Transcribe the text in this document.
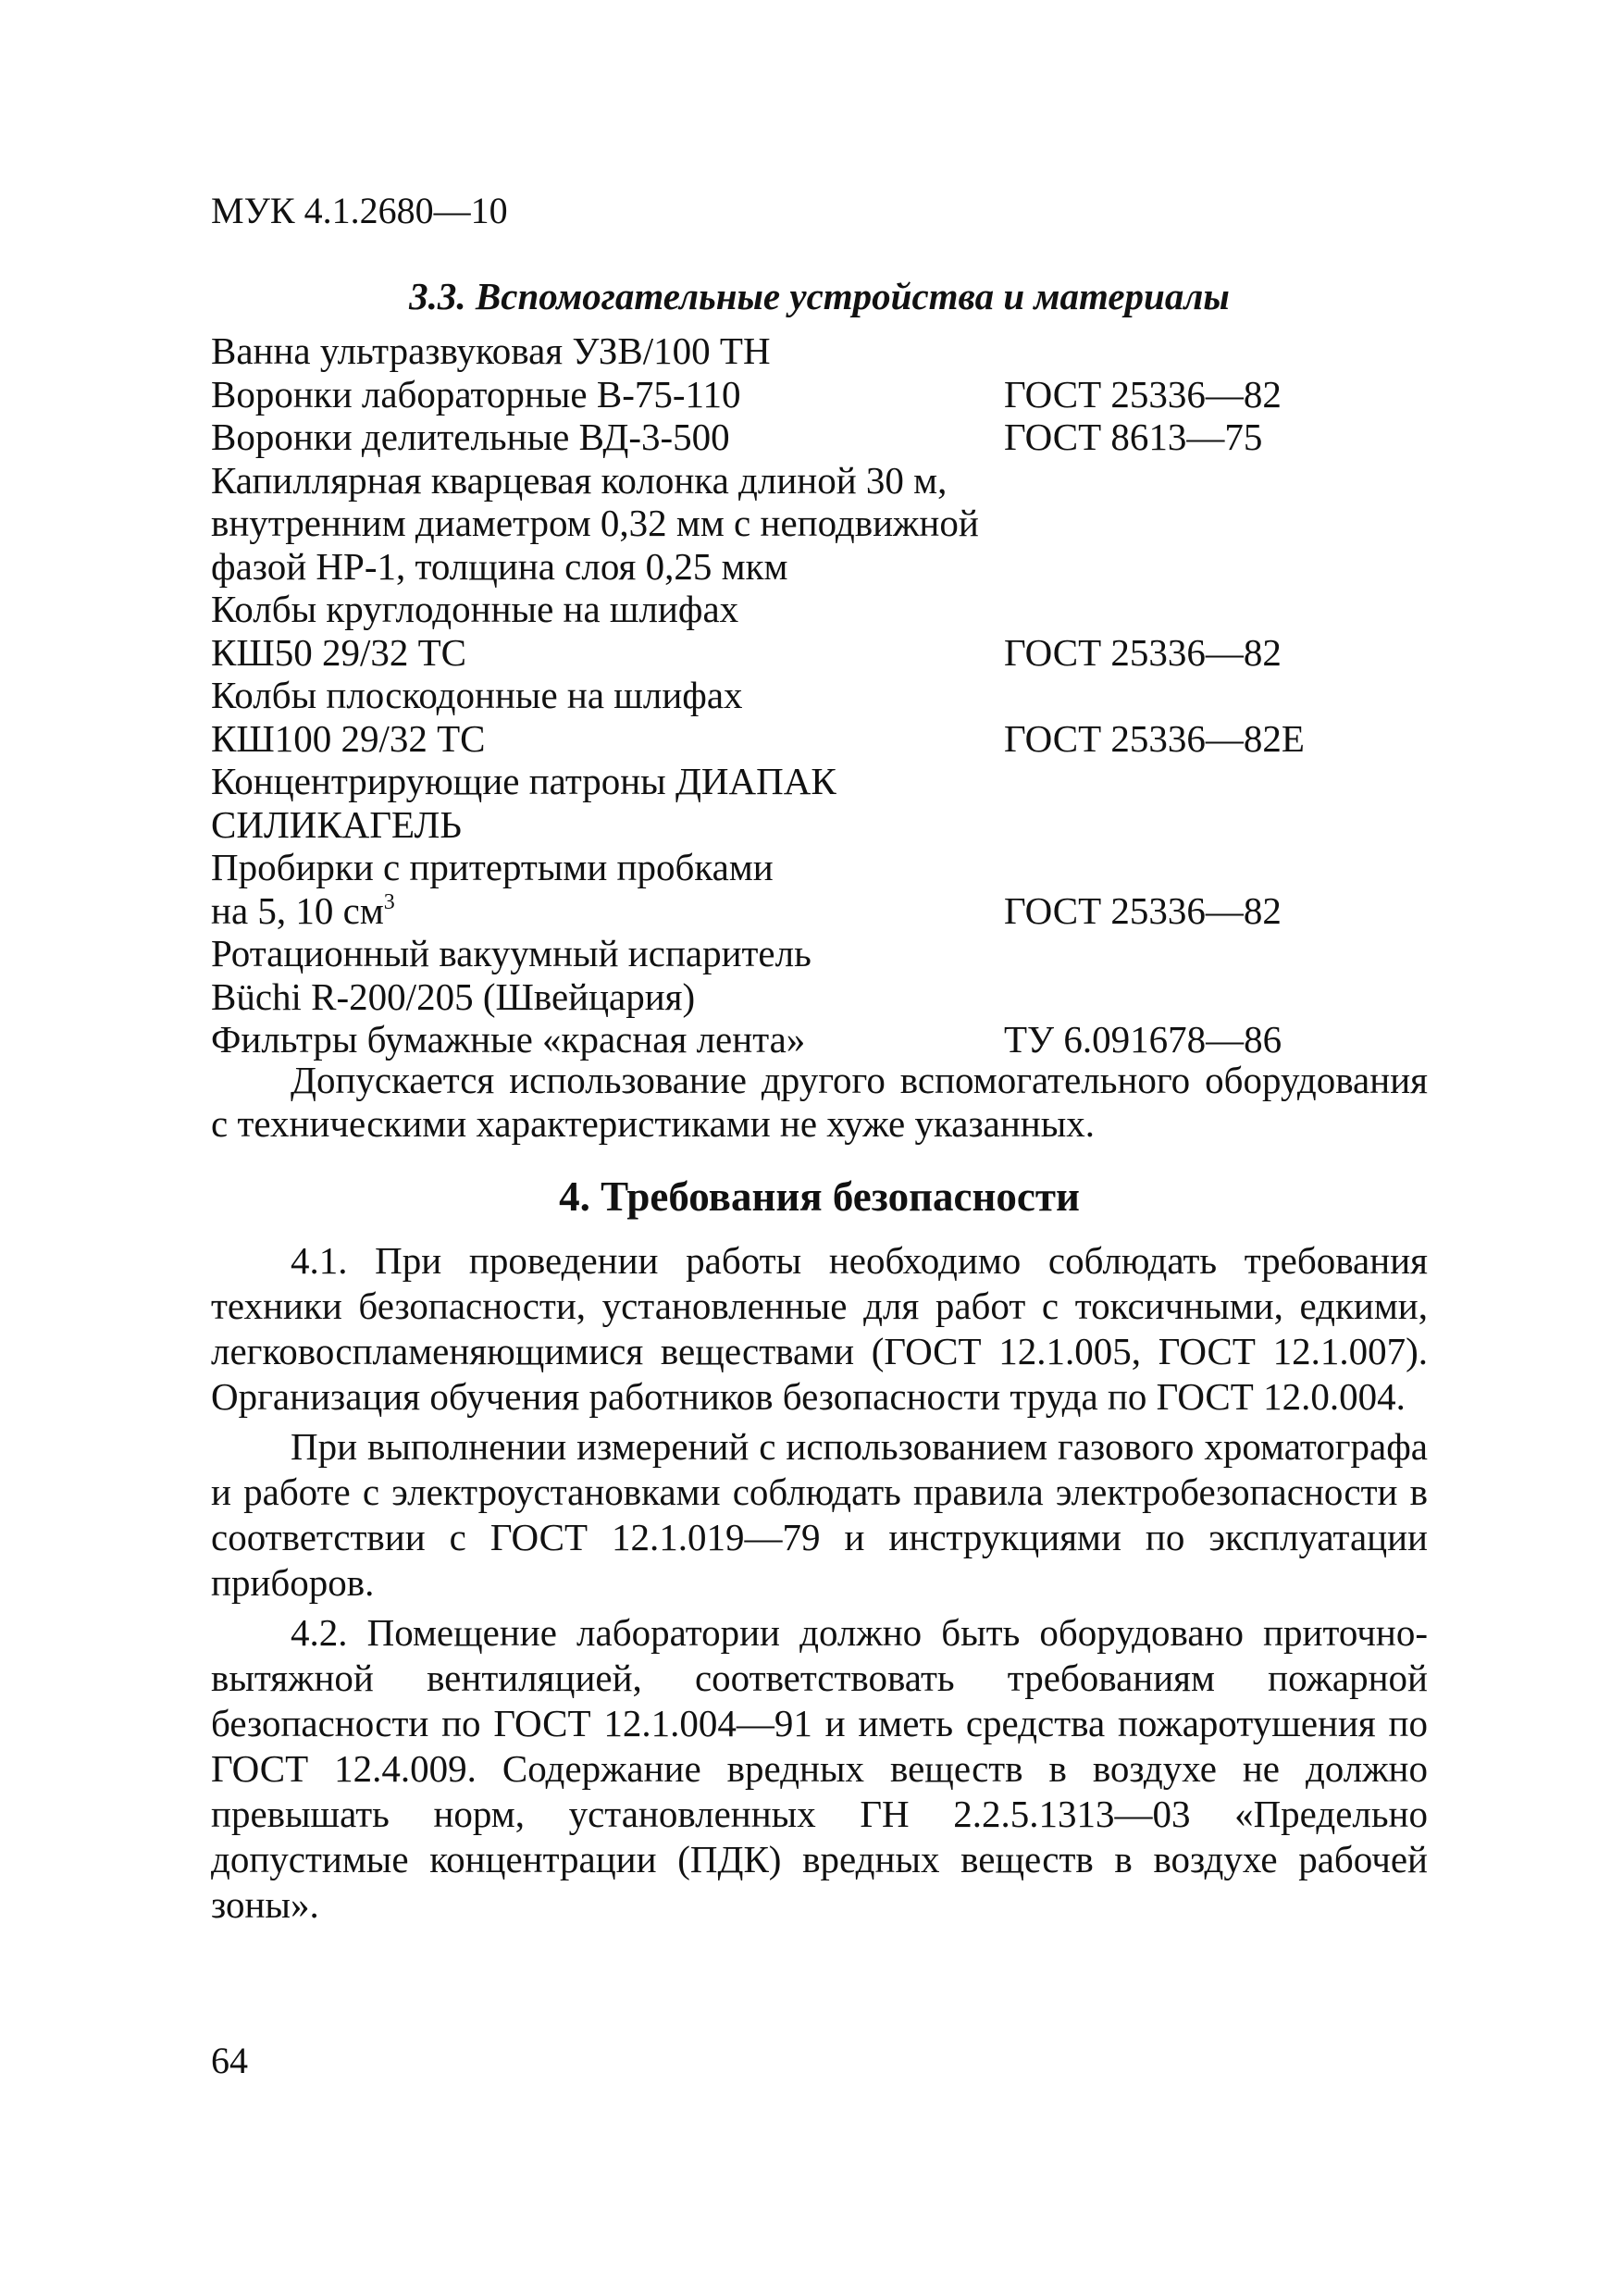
МУК 4.1.2680—10
3.3. Вспомогательные устройства и материалы
Ванна ультразвуковая УЗВ/100 ТН
Воронки лабораторные В-75-110	ГОСТ 25336—82
Воронки делительные ВД-3-500	ГОСТ 8613—75
Капиллярная кварцевая колонка длиной 30 м,
внутренним диаметром 0,32 мм с неподвижной
фазой HP-1, толщина слоя 0,25 мкм
Колбы круглодонные на шлифах
КШ50 29/32 ТС	ГОСТ 25336—82
Колбы плоскодонные на шлифах
КШ100 29/32 ТС	ГОСТ 25336—82Е
Концентрирующие патроны ДИАПАК
СИЛИКАГЕЛЬ
Пробирки с притертыми пробками
на 5, 10 $см^3$	ГОСТ 25336—82
Ротационный вакуумный испаритель
Büchi R-200/205 (Швейцария)
Фильтры бумажные «красная лента»	ТУ 6.091678—86

Допускается использование другого вспомогательного оборудования с техническими характеристиками не хуже указанных.

4. Требования безопасности

4.1. При проведении работы необходимо соблюдать требования техники безопасности, установленные для работ с токсичными, едкими, легковоспламеняющимися веществами (ГОСТ 12.1.005, ГОСТ 12.1.007). Организация обучения работников безопасности труда по ГОСТ 12.0.004.

При выполнении измерений с использованием газового хроматографа и работе с электроустановками соблюдать правила электробезопасности в соответствии с ГОСТ 12.1.019—79 и инструкциями по эксплуатации приборов.

4.2. Помещение лаборатории должно быть оборудовано приточно-вытяжной вентиляцией, соответствовать требованиям пожарной безопасности по ГОСТ 12.1.004—91 и иметь средства пожаротушения по ГОСТ 12.4.009. Содержание вредных веществ в воздухе не должно превышать норм, установленных ГН 2.2.5.1313—03 «Предельно допустимые концентрации (ПДК) вредных веществ в воздухе рабочей зоны».

64
